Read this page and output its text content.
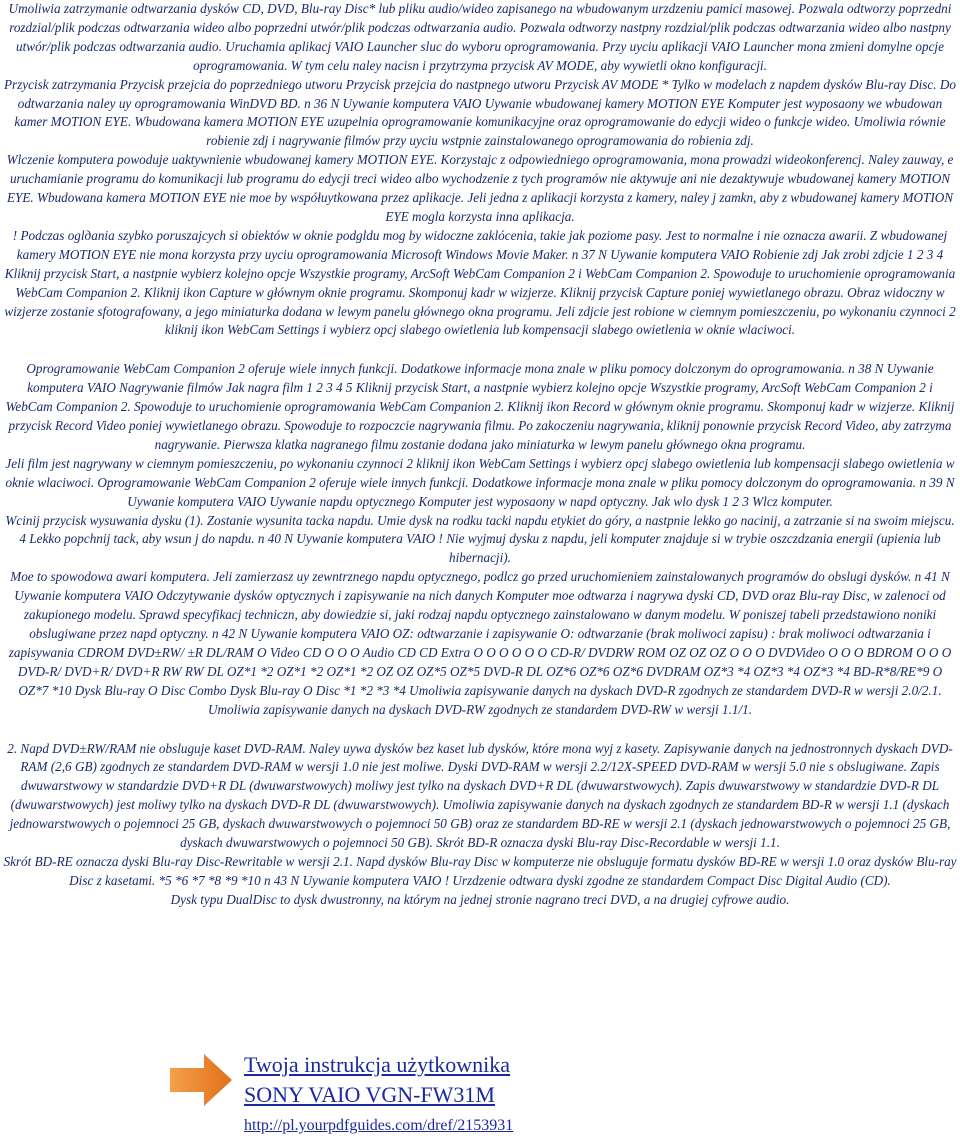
Umoliwia zatrzymanie odtwarzania dysków CD, DVD, Blu-ray Disc* lub pliku audio/wideo zapisanego na wbudowanym urzdzeniu pamici masowej. Pozwala odtworzy poprzedni rozdzial/plik podczas odtwarzania wideo albo poprzedni utwór/plik podczas odtwarzania audio. Pozwala odtworzy nastpny rozdzial/plik podczas odtwarzania wideo albo nastpny utwór/plik podczas odtwarzania audio. Uruchamia aplikacj VAIO Launcher sluc do wyboru oprogramowania. Przy uyciu aplikacji VAIO Launcher mona zmieni domylne opcje oprogramowania. W tym celu naley nacisn i przytrzyma przycisk AV MODE, aby wywietli okno konfiguracji.

Przycisk zatrzymania Przycisk przejcia do poprzedniego utworu Przycisk przejcia do nastpnego utworu Przycisk AV MODE * Tylko w modelach z napdem dysków Blu-ray Disc. Do odtwarzania naley uy oprogramowania WinDVD BD. n 36 N Uywanie komputera VAIO Uywanie wbudowanej kamery MOTION EYE Komputer jest wyposaony we wbudowan kamer MOTION EYE. Wbudowana kamera MOTION EYE uzupelnia oprogramowanie komunikacyjne oraz oprogramowanie do edycji wideo o funkcje wideo. Umoliwia równie robienie zdj i nagrywanie filmów przy uyciu wstpnie zainstalowanego oprogramowania do robienia zdj.

Wlczenie komputera powoduje uaktywnienie wbudowanej kamery MOTION EYE. Korzystajc z odpowiedniego oprogramowania, mona prowadzi wideokonferencj. Naley zauway, e uruchamianie programu do komunikacji lub programu do edycji treci wideo albo wychodzenie z tych programów nie aktywuje ani nie dezaktywuje wbudowanej kamery MOTION EYE. Wbudowana kamera MOTION EYE nie moe by współuytkowana przez aplikacje. Jeli jedna z aplikacji korzysta z kamery, naley j zamkn, aby z wbudowanej kamery MOTION EYE mogla korzysta inna aplikacja.

! Podczas oglдania szybko poruszajcych si obiektów w oknie podgldu mog by widoczne zaklócenia, takie jak poziome pasy. Jest to normalne i nie oznacza awarii. Z wbudowanej kamery MOTION EYE nie mona korzysta przy uyciu oprogramowania Microsoft Windows Movie Maker. n 37 N Uywanie komputera VAIO Robienie zdj Jak zrobi zdjcie 1 2 3 4 Kliknij przycisk Start, a nastpnie wybierz kolejno opcje Wszystkie programy, ArcSoft WebCam Companion 2 i WebCam Companion 2. Spowoduje to uruchomienie oprogramowania WebCam Companion 2. Kliknij ikon Capture w głównym oknie programu. Skomponuj kadr w wizjerze. Kliknij przycisk Capture poniej wywietlanego obrazu. Obraz widoczny w wizjerze zostanie sfotografowany, a jego miniaturka dodana w lewym panelu głównego okna programu. Jeli zdjcie jest robione w ciemnym pomieszczeniu, po wykonaniu czynnoci 2 kliknij ikon WebCam Settings i wybierz opcj slabego owietlenia lub kompensacji slabego owietlenia w oknie wlaciwoci.

Oprogramowanie WebCam Companion 2 oferuje wiele innych funkcji. Dodatkowe informacje mona znale w pliku pomocy dolczonym do oprogramowania. n 38 N Uywanie komputera VAIO Nagrywanie filmów Jak nagra film 1 2 3 4 5 Kliknij przycisk Start, a nastpnie wybierz kolejno opcje Wszystkie programy, ArcSoft WebCam Companion 2 i WebCam Companion 2. Spowoduje to uruchomienie oprogramowania WebCam Companion 2. Kliknij ikon Record w głównym oknie programu. Skomponuj kadr w wizjerze. Kliknij przycisk Record Video poniej wywietlanego obrazu. Spowoduje to rozpoczcie nagrywania filmu. Po zakoczeniu nagrywania, kliknij ponownie przycisk Record Video, aby zatrzyma nagrywanie. Pierwsza klatka nagranego filmu zostanie dodana jako miniaturka w lewym panelu głównego okna programu.

Jeli film jest nagrywany w ciemnym pomieszczeniu, po wykonaniu czynnoci 2 kliknij ikon WebCam Settings i wybierz opcj slabego owietlenia lub kompensacji slabego owietlenia w oknie wlaciwoci. Oprogramowanie WebCam Companion 2 oferuje wiele innych funkcji. Dodatkowe informacje mona znale w pliku pomocy dolczonym do oprogramowania. n 39 N Uywanie komputera VAIO Uywanie napdu optycznego Komputer jest wyposaony w napd optyczny. Jak wlo dysk 1 2 3 Wlcz komputer.

Wcinij przycisk wysuwania dysku (1). Zostanie wysunita tacka napdu. Umie dysk na rodku tacki napdu etykiet do góry, a nastpnie lekko go nacinij, a zatrzanie si na swoim miejscu. 4 Lekko popchnij tack, aby wsun j do napdu. n 40 N Uywanie komputera VAIO ! Nie wyjmuj dysku z napdu, jeli komputer znajduje si w trybie oszczdzania energii (upienia lub hibernacji).

Moe to spowodowa awari komputera. Jeli zamierzasz uy zewntrznego napdu optycznego, podlcz go przed uruchomieniem zainstalowanych programów do obslugi dysków. n 41 N Uywanie komputera VAIO Odczytywanie dysków optycznych i zapisywanie na nich danych Komputer moe odtwarza i nagrywa dyski CD, DVD oraz Blu-ray Disc, w zalenoci od zakupionego modelu. Sprawd specyfikacj techniczn, aby dowiedzie si, jaki rodzaj napdu optycznego zainstalowano w danym modelu. W poniszej tabeli przedstawiono noniki obslugiwane przez napd optyczny. n 42 N Uywanie komputera VAIO OZ: odtwarzanie i zapisywanie O: odtwarzanie (brak moliwoci zapisu) : brak moliwoci odtwarzania i zapisywania CDROM DVD±RW/ ±R DL/RAM O Video CD O O O Audio CD CD Extra O O O O O O CD-R/ DVDRW ROM OZ OZ OZ O O O DVDVideo O O O BDROM O O O DVD-R/ DVD+R/ DVD+R RW RW DL OZ*1 *2 OZ*1 *2 OZ*1 *2 OZ OZ OZ*5 OZ*5 DVD-R DL OZ*6 OZ*6 OZ*6 DVDRAM OZ*3 *4 OZ*3 *4 OZ*3 *4 BD-R*8/RE*9 O OZ*7 *10 Dysk Blu-ray O Disc Combo Dysk Blu-ray O Disc *1 *2 *3 *4 Umoliwia zapisywanie danych na dyskach DVD-R zgodnych ze standardem DVD-R w wersji 2.0/2.1. Umoliwia zapisywanie danych na dyskach DVD-RW zgodnych ze standardem DVD-RW w wersji 1.1/1.

2. Napd DVD±RW/RAM nie obsluguje kaset DVD-RAM. Naley uywa dysków bez kaset lub dysków, które mona wyj z kasety. Zapisywanie danych na jednostronnych dyskach DVD-RAM (2,6 GB) zgodnych ze standardem DVD-RAM w wersji 1.0 nie jest moliwe. Dyski DVD-RAM w wersji 2.2/12X-SPEED DVD-RAM w wersji 5.0 nie s obslugiwane. Zapis dwuwarstwowy w standardzie DVD+R DL (dwuwarstwowych) moliwy jest tylko na dyskach DVD+R DL (dwuwarstwowych). Zapis dwuwarstwowy w standardzie DVD-R DL (dwuwarstwowych) jest moliwy tylko na dyskach DVD-R DL (dwuwarstwowych). Umoliwia zapisywanie danych na dyskach zgodnych ze standardem BD-R w wersji 1.1 (dyskach jednowarstwowych o pojemnoci 25 GB, dyskach dwuwarstwowych o pojemnoci 50 GB) oraz ze standardem BD-RE w wersji 2.1 (dyskach jednowarstwowych o pojemnoci 25 GB, dyskach dwuwarstwowych o pojemnoci 50 GB). Skrót BD-R oznacza dyski Blu-ray Disc-Recordable w wersji 1.1.

Skrót BD-RE oznacza dyski Blu-ray Disc-Rewritable w wersji 2.1. Napd dysków Blu-ray Disc w komputerze nie obsluguje formatu dysków BD-RE w wersji 1.0 oraz dysków Blu-ray Disc z kasetami. *5 *6 *7 *8 *9 *10 n 43 N Uywanie komputera VAIO ! Urzdzenie odtwara dyski zgodne ze standardem Compact Disc Digital Audio (CD).

Dysk typu DualDisc to dysk dwustronny, na którym na jednej stronie nagrano treci DVD, a na drugiej cyfrowe audio.

Twoja instrukcja użytkownika
SONY VAIO VGN-FW31M
http://pl.yourpdfguides.com/dref/2153931
